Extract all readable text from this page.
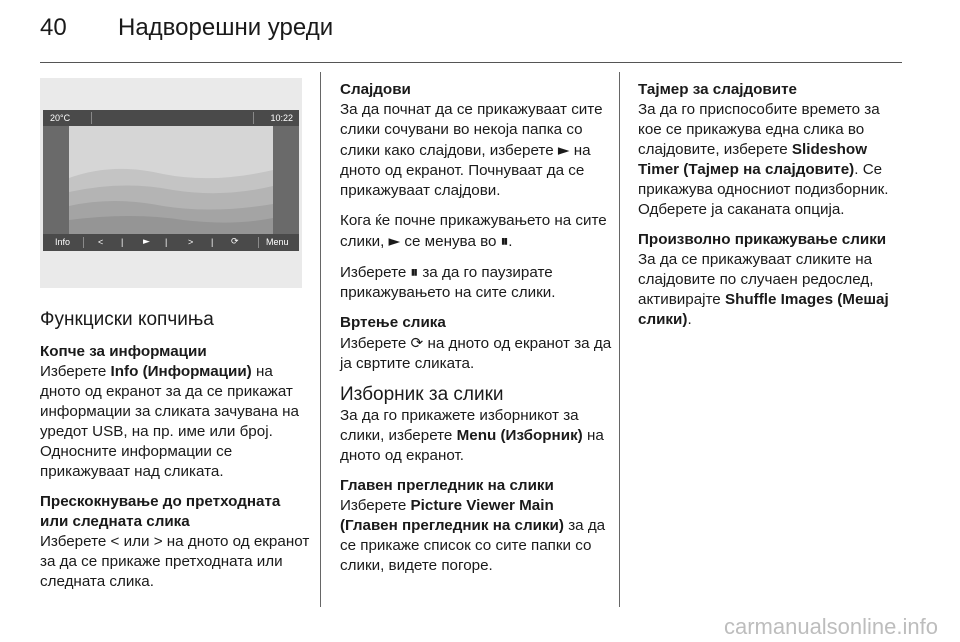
40 Надворешни уреди
20°C	10:22
Info	< | ► | > | ⟳	Menu

Функциски копчиња

Копче за информации
Изберете Info (Информации) на дното од екранот за да се прикажат информации за сликата зачувана на уредот USB, на пр. име или број. Односните информации се прикажуваат над сликата.

Прескокнување до претходната или следната слика
Изберете < или > на дното од екранот за да се прикаже претходната или следната слика.

Слајдови
За да почнат да се прикажуваат сите слики сочувани во некоја папка со слики како слајдови, изберете ► на дното од екранот. Почнуваат да се прикажуваат слајдови.

Кога ќе почне прикажувањето на сите слики, ► се менува во ⏸.

Изберете ⏸ за да го паузирате прикажувањето на сите слики.

Вртење слика
Изберете ⟳ на дното од екранот за да ја свртите сликата.

Изборник за слики
За да го прикажете изборникот за слики, изберете Menu (Изборник) на дното од екранот.

Главен прегледник на слики
Изберете Picture Viewer Main (Главен прегледник на слики) за да се прикаже список со сите папки со слики, видете погоре.

Тајмер за слајдовите
За да го приспособите времето за кое се прикажува една слика во слајдовите, изберете Slideshow Timer (Тајмер на слајдовите). Се прикажува односниот подизборник. Одберете ја саканата опција.

Произволно прикажување слики
За да се прикажуваат сликите на слајдовите по случаен редослед, активирајте Shuffle Images (Мешај слики).

carmanualsonline.info
